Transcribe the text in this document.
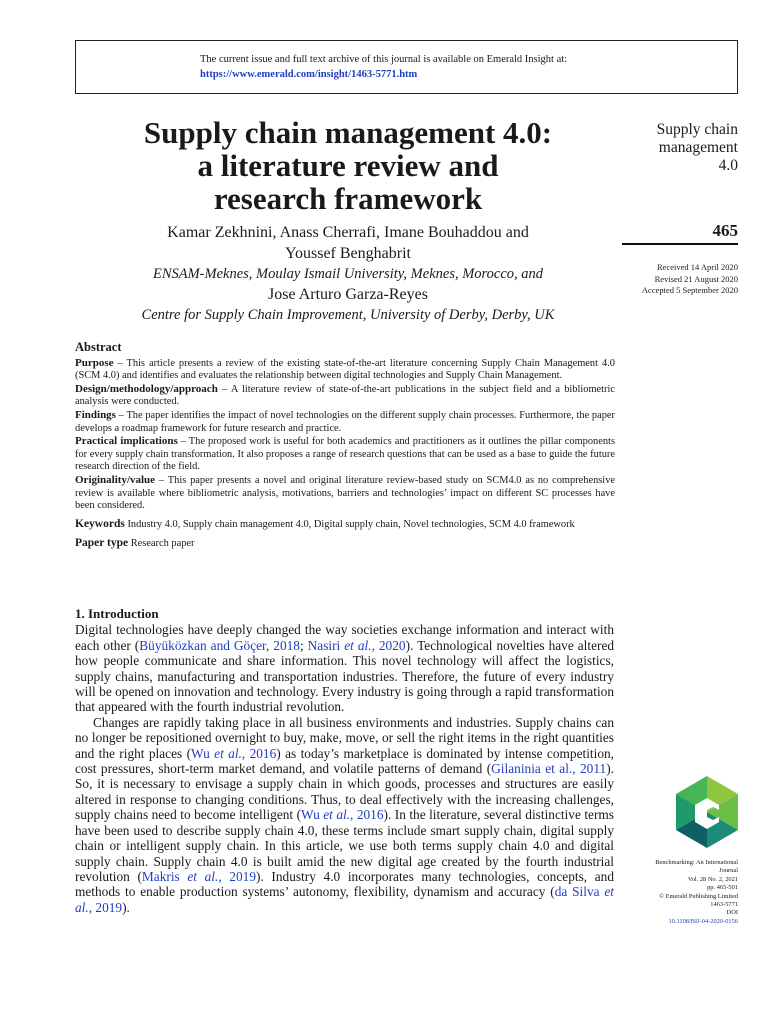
The current issue and full text archive of this journal is available on Emerald Insight at:
https://www.emerald.com/insight/1463-5771.htm
Supply chain management 4.0:
a literature review and
research framework
Kamar Zekhnini, Anass Cherrafi, Imane Bouhaddou and
Youssef Benghabrit
ENSAM-Meknes, Moulay Ismail University, Meknes, Morocco, and
Jose Arturo Garza-Reyes
Centre for Supply Chain Improvement, University of Derby, Derby, UK
Supply chain
management
4.0
465
Received 14 April 2020
Revised 21 August 2020
Accepted 5 September 2020
Abstract

Purpose – This article presents a review of the existing state-of-the-art literature concerning Supply Chain Management 4.0 (SCM 4.0) and identifies and evaluates the relationship between digital technologies and Supply Chain Management.

Design/methodology/approach – A literature review of state-of-the-art publications in the subject field and a bibliometric analysis were conducted.

Findings – The paper identifies the impact of novel technologies on the different supply chain processes. Furthermore, the paper develops a roadmap framework for future research and practice.

Practical implications – The proposed work is useful for both academics and practitioners as it outlines the pillar components for every supply chain transformation. It also proposes a range of research questions that can be used as a base to guide the future research direction of the field.

Originality/value – This paper presents a novel and original literature review-based study on SCM4.0 as no comprehensive review is available where bibliometric analysis, motivations, barriers and technologies’ impact on different SC processes have been considered.

Keywords Industry 4.0, Supply chain management 4.0, Digital supply chain, Novel technologies, SCM 4.0 framework

Paper type Research paper

1. Introduction

Digital technologies have deeply changed the way societies exchange information and interact with each other (Büyüközkan and Göçer, 2018; Nasiri et al., 2020). Technological novelties have altered how people communicate and share information. This novel technology will affect the logistics, supply chains, manufacturing and transportation industries. Therefore, the future of every industry will be opened on innovation and technology. Every industry is going through a rapid transformation that appeared with the fourth industrial revolution.

Changes are rapidly taking place in all business environments and industries. Supply chains can no longer be repositioned overnight to buy, make, move, or sell the right items in the right quantities and the right places (Wu et al., 2016) as today’s marketplace is dominated by intense competition, cost pressures, short-term market demand, and volatile patterns of demand (Gilaninia et al., 2011). So, it is necessary to envisage a supply chain in which goods, processes and structures are easily altered in response to changing conditions. Thus, to deal effectively with the increasing challenges, supply chains need to become intelligent (Wu et al., 2016). In the literature, several distinctive terms have been used to describe supply chain 4.0, these terms include smart supply chain, digital supply chain or intelligent supply chain. In this article, we use both terms supply chain 4.0 and digital supply chain. Supply chain 4.0 is built amid the new digital age created by the fourth industrial revolution (Makris et al., 2019). Industry 4.0 incorporates many technologies, concepts, and methods to enable production systems’ autonomy, flexibility, dynamism and accuracy (da Silva et al., 2019).

Benchmarking: An International
Journal
Vol. 28 No. 2, 2021
pp. 465-501
© Emerald Publishing Limited
1463-5771
DOI
10.1108/BIJ-04-2020-0156
